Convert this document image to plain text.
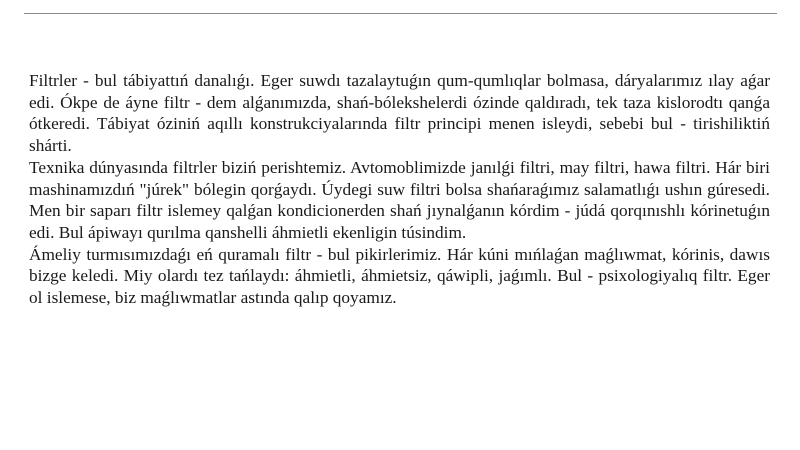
Filtrler - bul tábiyattıń danalıǵı. Eger suwdı tazalaytuǵın qum-qumlıqlar bolmasa, dáryalarımız ılay aǵar edi. Ókpe de áyne filtr - dem alǵanımızda, shań-bólekshelerdi ózinde qaldıradı, tek taza kislorodtı qanǵa ótkeredi. Tábiyat óziniń aqıllı konstrukciyalarında filtr principi menen isleydi, sebebi bul - tirishiliktiń shárti.

Texnika dúnyasında filtrler biziń perishtemiz. Avtomoblimizde janılǵi filtri, may filtri, hawa filtri. Hár biri mashinamızdıń "júrek" bólegin qorǵaydı. Úydegi suw filtri bolsa shańaraǵımız salamatlıǵı ushın gúresedi. Men bir saparı filtr islemey qalǵan kondicionerden shań jıynalǵanın kórdim - júdá qorqınıshlı kórinetuǵın edi. Bul ápiwayı qurılma qanshelli áhmietli ekenligin túsindim.

Ámeliy turmısımızdaǵı eń quramalı filtr - bul pikirlerimiz. Hár kúni mıńlaǵan maǵlıwmat, kórinis, dawıs bizge keledi. Miy olardı tez tańlaydı: áhmietli, áhmietsiz, qáwipli, jaǵımlı. Bul - psixologiyalıq filtr. Eger ol islemese, biz maǵlıwmatlar astında qalıp qoyamız.
